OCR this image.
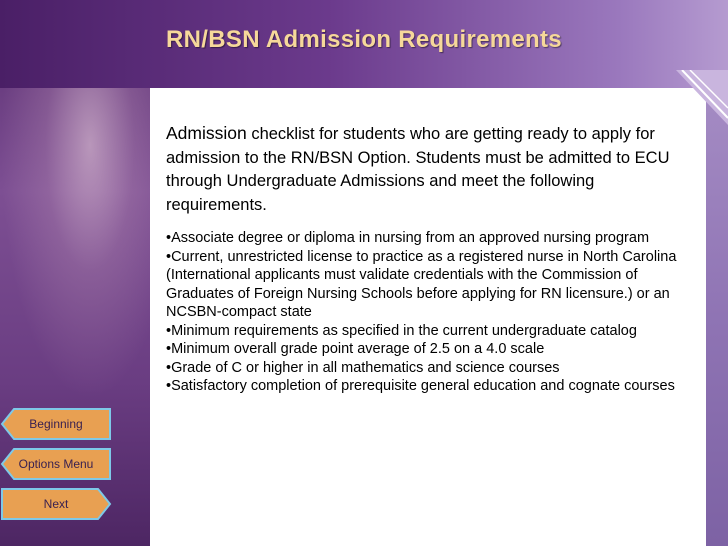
RN/BSN Admission Requirements

Admission checklist for students who are getting ready to apply for admission to the RN/BSN Option. Students must be admitted to ECU through Undergraduate Admissions and meet the following requirements.

•Associate degree or diploma in nursing from an approved nursing program
•Current, unrestricted license to practice as a registered nurse in North Carolina (International applicants must validate credentials with the Commission of Graduates of Foreign Nursing Schools before applying for RN licensure.) or an NCSBN-compact state
•Minimum requirements as specified in the current undergraduate catalog
•Minimum overall grade point average of 2.5 on a 4.0 scale
•Grade of C or higher in all mathematics and science courses
•Satisfactory completion of prerequisite general education and cognate courses
Beginning
Options Menu
Next
